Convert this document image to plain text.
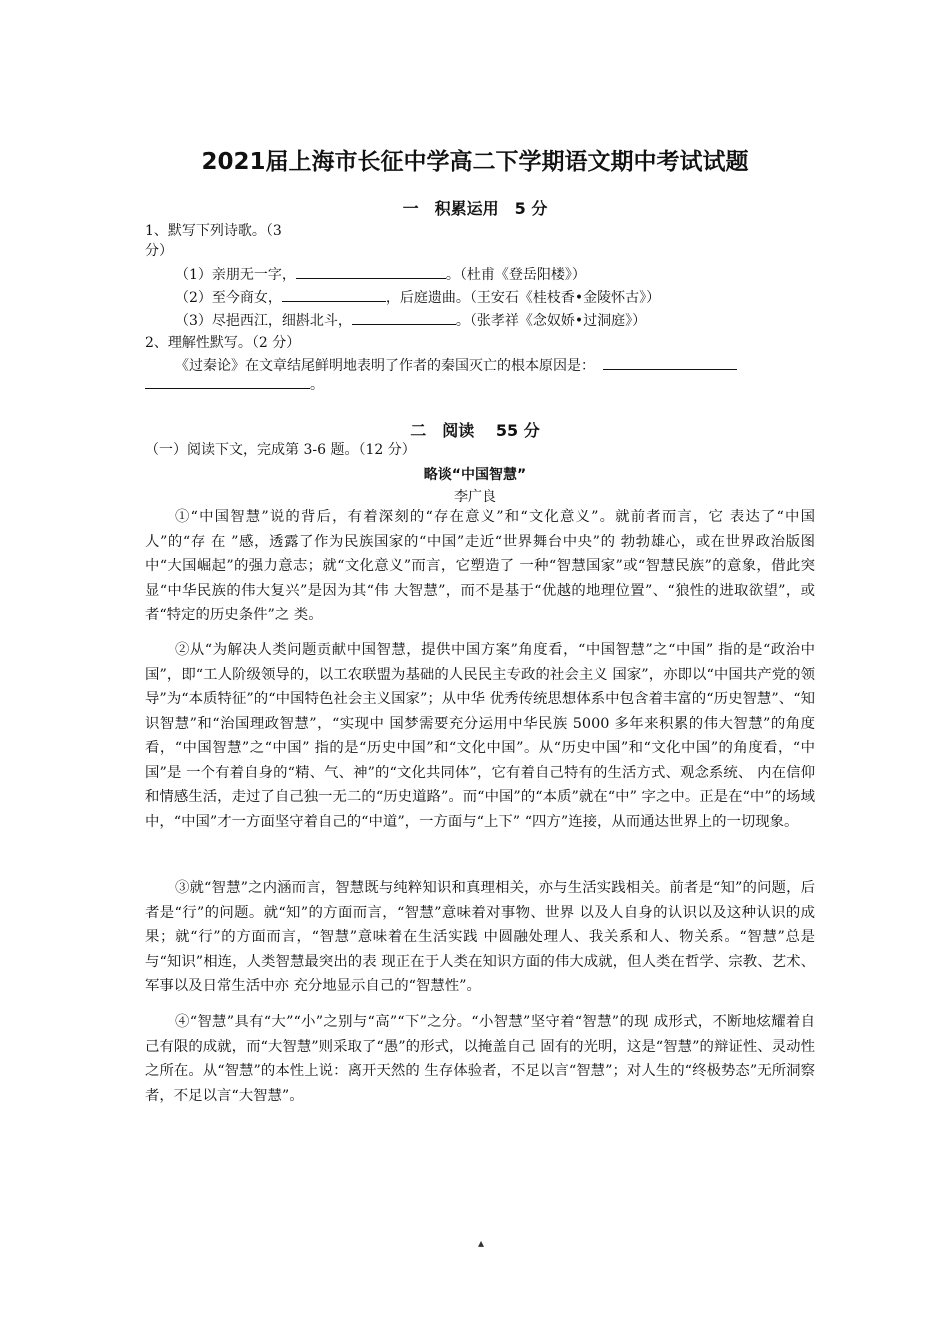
2021届上海市长征中学高二下学期语文期中考试试题
一　积累运用　5 分
1、默写下列诗歌。（3
分）
（1）亲朋无一字，	。（杜甫《登岳阳楼》）
（2）至今商女，	，后庭遗曲。（王安石《桂枝香•金陵怀古》）
（3）尽挹西江，细斟北斗，	。（张孝祥《念奴娇•过洞庭》）
2、理解性默写。（2 分）
《过秦论》在文章结尾鲜明地表明了作者的秦国灭亡的根本原因是：
。
二　阅读　 55 分
（一）阅读下文，完成第 3-6 题。（12 分）
略谈“中国智慧”
李广良
①“中国智慧”说的背后，有着深刻的“存在意义”和“文化意义”。就前者而言，它 表达了“中国人”的“存 在 ”感，透露了作为民族国家的“中国”走近“世界舞台中央”的 勃勃雄心，或在世界政治版图中“大国崛起”的强力意志；就“文化意义”而言，它塑造了 一种“智慧国家”或“智慧民族”的意象，借此突显“中华民族的伟大复兴”是因为其“伟 大智慧”，而不是基于“优越的地理位置”、“狼性的进取欲望”，或者“特定的历史条件”之 类。
②从“为解决人类问题贡献中国智慧，提供中国方案”角度看，“中国智慧”之“中国” 指的是“政治中国”，即“工人阶级领导的，以工农联盟为基础的人民民主专政的社会主义 国家”，亦即以“中国共产党的领导”为“本质特征”的“中国特色社会主义国家”；从中华 优秀传统思想体系中包含着丰富的“历史智慧”、“知识智慧”和“治国理政智慧”，“实现中 国梦需要充分运用中华民族 5000 多年来积累的伟大智慧”的角度看，“中国智慧”之“中国” 指的是“历史中国”和“文化中国”。从“历史中国”和“文化中国”的角度看，“中国”是 一个有着自身的“精、气、神”的“文化共同体”，它有着自己特有的生活方式、观念系统、 内在信仰和情感生活，走过了自己独一无二的“历史道路”。而“中国”的“本质”就在“中” 字之中。正是在“中”的场域中，“中国”才一方面坚守着自己的“中道”，一方面与“上下” “四方”连接，从而通达世界上的一切现象。
③就“智慧”之内涵而言，智慧既与纯粹知识和真理相关，亦与生活实践相关。前者是“知”的问题，后者是“行”的问题。就“知”的方面而言，“智慧”意味着对事物、世界 以及人自身的认识以及这种认识的成果；就“行”的方面而言，“智慧”意味着在生活实践 中圆融处理人、我关系和人、物关系。“智慧”总是与“知识”相连，人类智慧最突出的表 现正在于人类在知识方面的伟大成就，但人类在哲学、宗教、艺术、军事以及日常生活中亦 充分地显示自己的“智慧性”。
④“智慧”具有“大”“小”之别与“高”“下”之分。“小智慧”坚守着“智慧”的现 成形式，不断地炫耀着自己有限的成就，而“大智慧”则采取了“愚”的形式，以掩盖自己 固有的光明，这是“智慧”的辩证性、灵动性之所在。从“智慧”的本性上说：离开天然的 生存体验者，不足以言“智慧”；对人生的“终极势态”无所洞察者，不足以言“大智慧”。
▴
